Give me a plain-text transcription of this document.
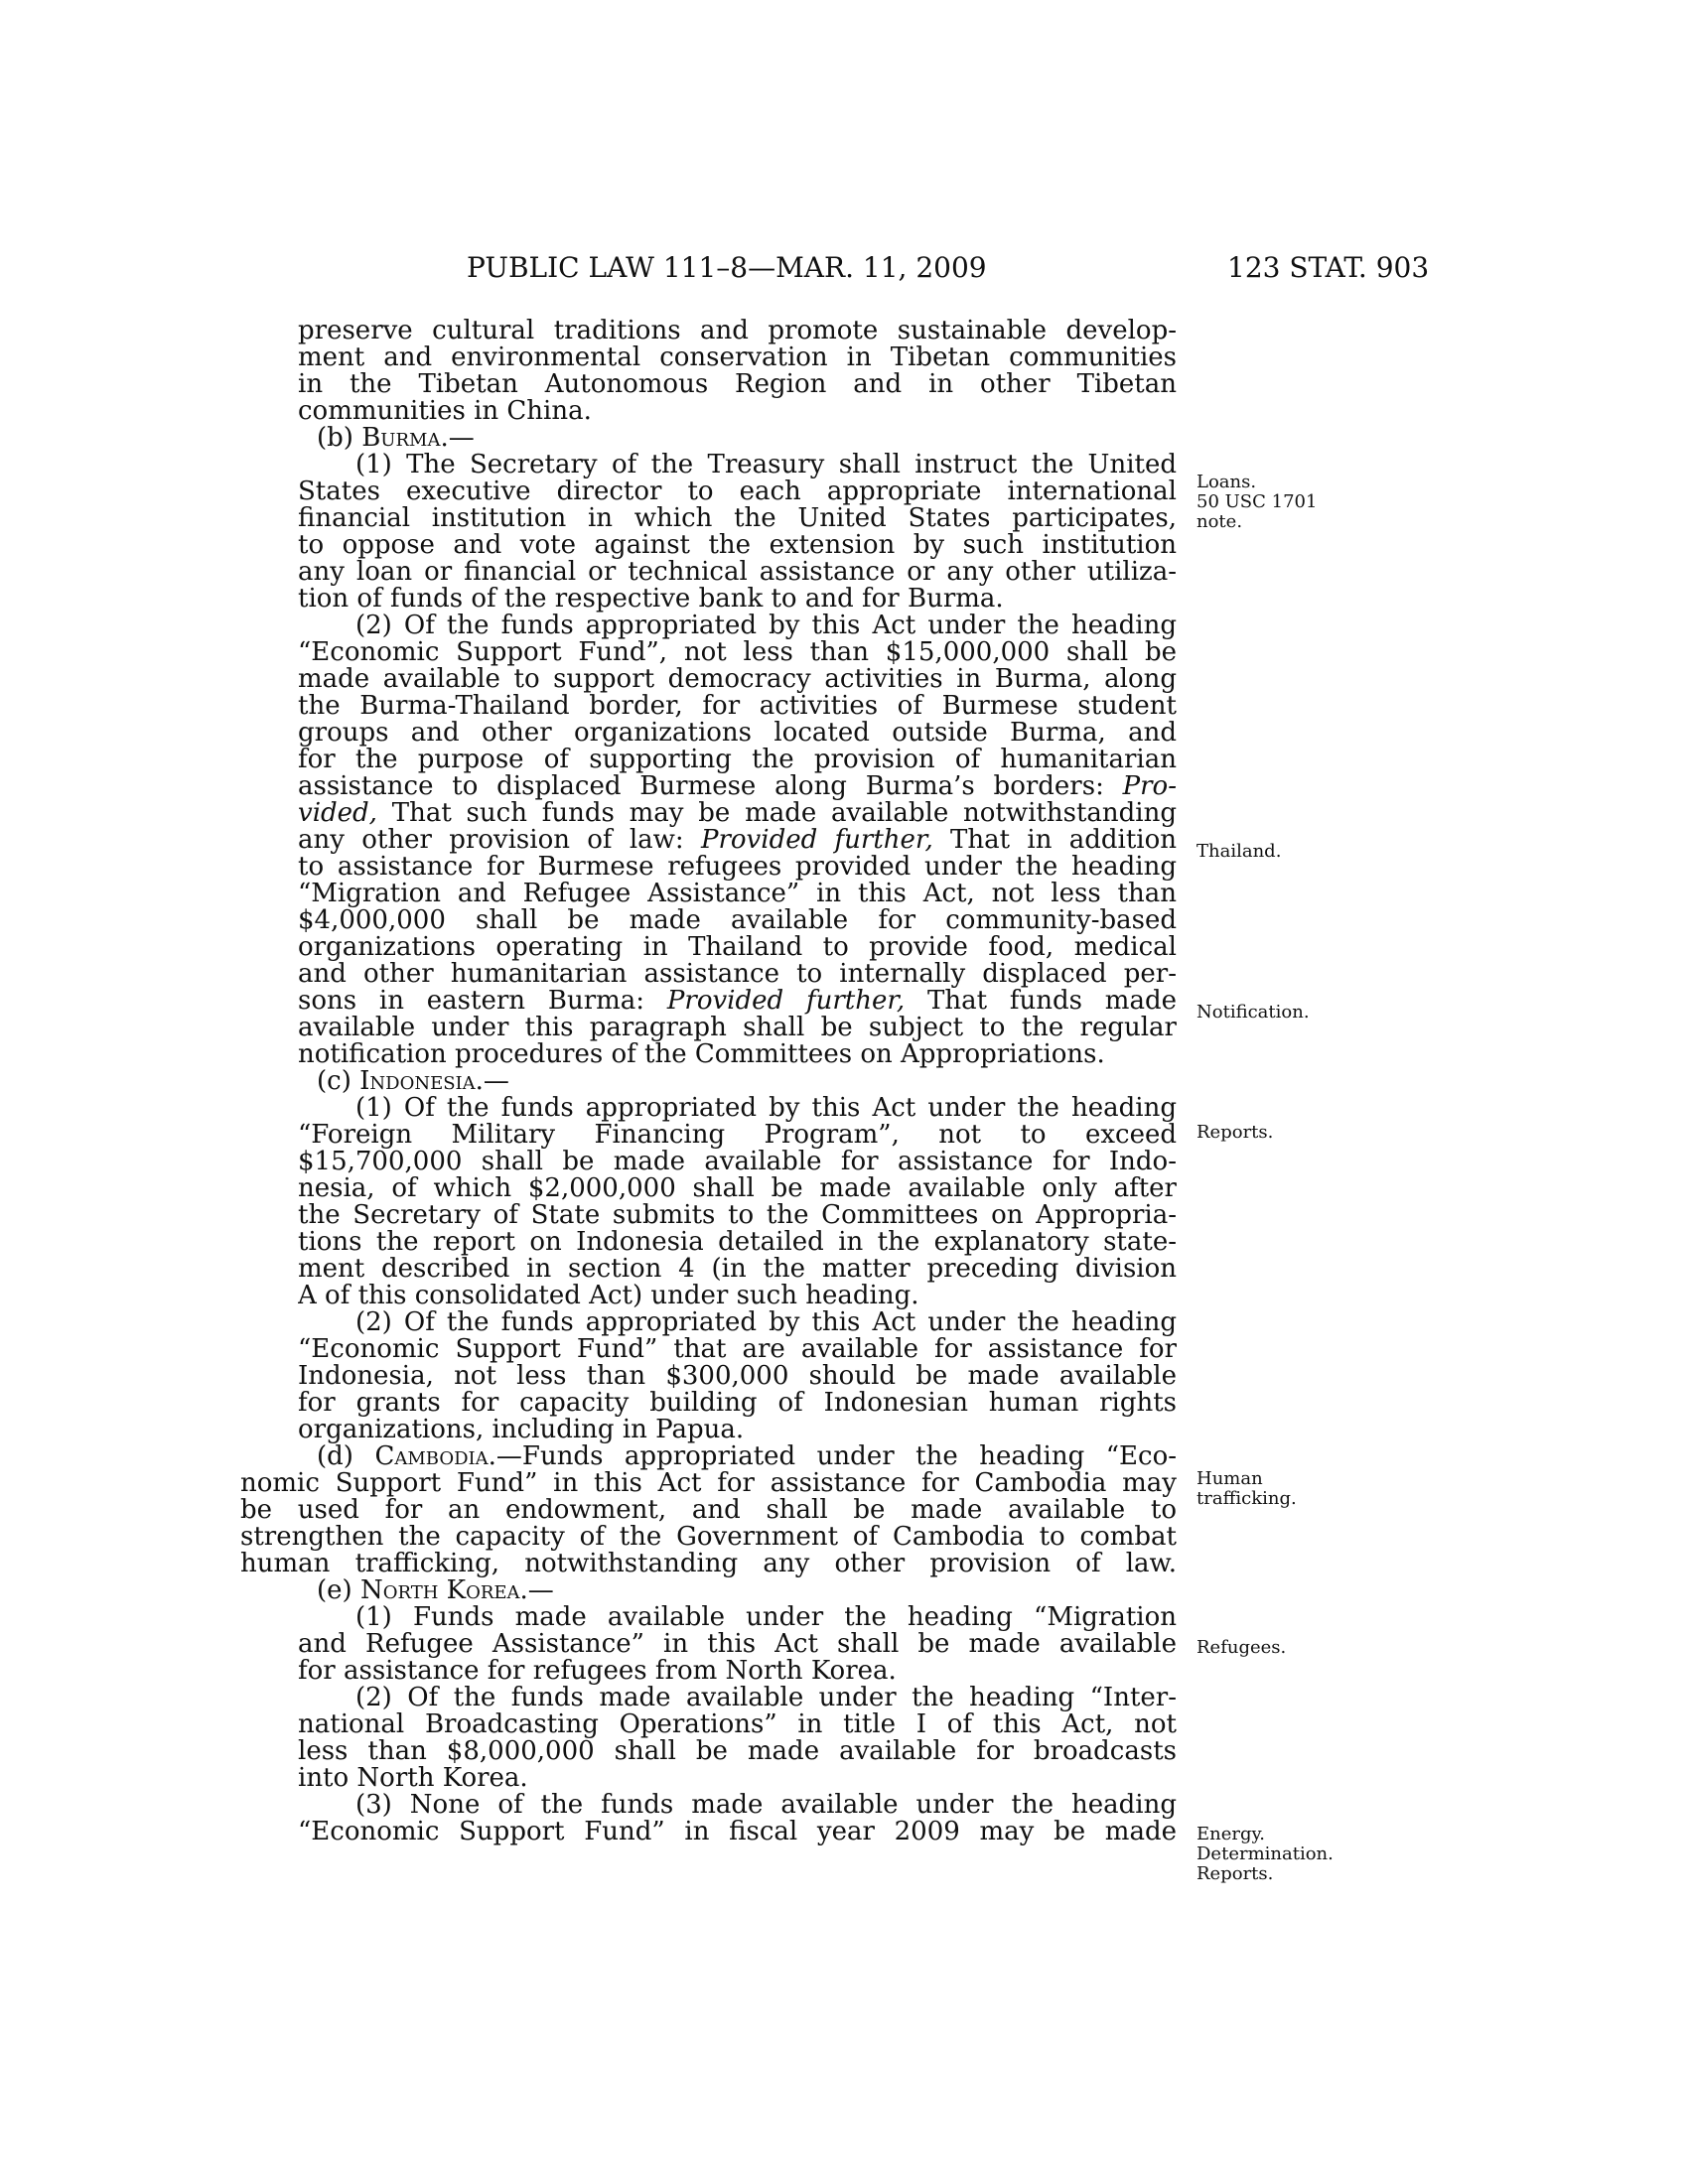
PUBLIC LAW 111–8—MAR. 11, 2009	123 STAT. 903
preserve cultural traditions and promote sustainable develop-
ment and environmental conservation in Tibetan communities
in the Tibetan Autonomous Region and in other Tibetan
communities in China.
(b) Burma.—
(1) The Secretary of the Treasury shall instruct the United
States executive director to each appropriate international
financial institution in which the United States participates,
to oppose and vote against the extension by such institution
any loan or financial or technical assistance or any other utiliza-
tion of funds of the respective bank to and for Burma.
(2) Of the funds appropriated by this Act under the heading
“Economic Support Fund”, not less than $15,000,000 shall be
made available to support democracy activities in Burma, along
the Burma-Thailand border, for activities of Burmese student
groups and other organizations located outside Burma, and
for the purpose of supporting the provision of humanitarian
assistance to displaced Burmese along Burma’s borders: Pro-
vided, That such funds may be made available notwithstanding
any other provision of law: Provided further, That in addition
to assistance for Burmese refugees provided under the heading
“Migration and Refugee Assistance” in this Act, not less than
$4,000,000 shall be made available for community-based
organizations operating in Thailand to provide food, medical
and other humanitarian assistance to internally displaced per-
sons in eastern Burma: Provided further, That funds made
available under this paragraph shall be subject to the regular
notification procedures of the Committees on Appropriations.
(c) Indonesia.—
(1) Of the funds appropriated by this Act under the heading
“Foreign Military Financing Program”, not to exceed
$15,700,000 shall be made available for assistance for Indo-
nesia, of which $2,000,000 shall be made available only after
the Secretary of State submits to the Committees on Appropria-
tions the report on Indonesia detailed in the explanatory state-
ment described in section 4 (in the matter preceding division
A of this consolidated Act) under such heading.
(2) Of the funds appropriated by this Act under the heading
“Economic Support Fund” that are available for assistance for
Indonesia, not less than $300,000 should be made available
for grants for capacity building of Indonesian human rights
organizations, including in Papua.
(d) Cambodia.—Funds appropriated under the heading “Eco-
nomic Support Fund” in this Act for assistance for Cambodia may
be used for an endowment, and shall be made available to
strengthen the capacity of the Government of Cambodia to combat
human trafficking, notwithstanding any other provision of law.
(e) North Korea.—
(1) Funds made available under the heading “Migration
and Refugee Assistance” in this Act shall be made available
for assistance for refugees from North Korea.
(2) Of the funds made available under the heading “Inter-
national Broadcasting Operations” in title I of this Act, not
less than $8,000,000 shall be made available for broadcasts
into North Korea.
(3) None of the funds made available under the heading
“Economic Support Fund” in fiscal year 2009 may be made
Loans.
50 USC 1701
note.
Thailand.
Notification.
Reports.
Human
trafficking.
Refugees.
Energy.
Determination.
Reports.
